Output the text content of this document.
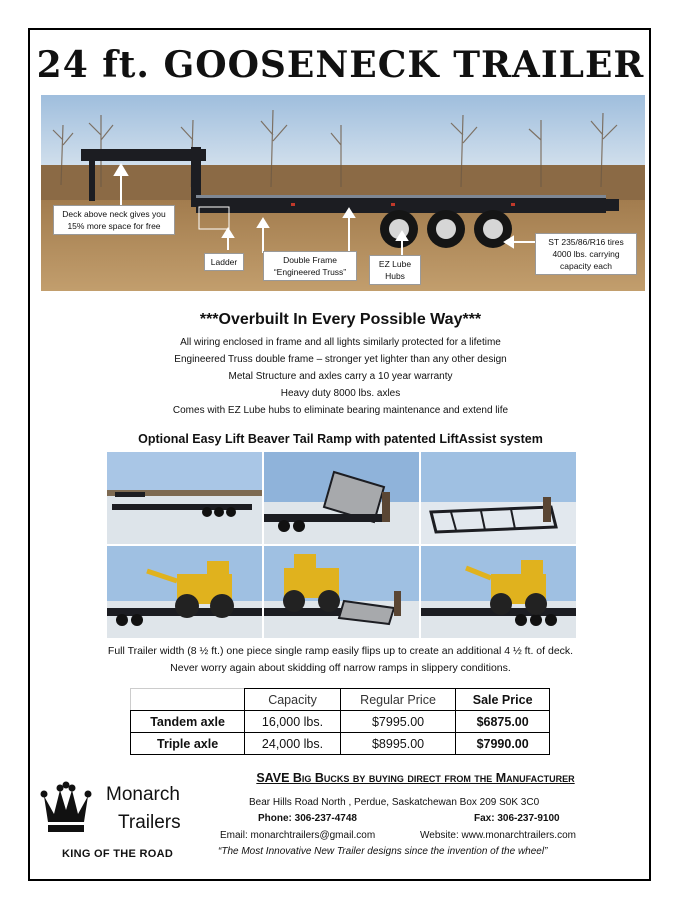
24 ft. GOOSENECK TRAILER
Deck above neck gives you 15% more space for free
Ladder	Double Frame “Engineered Truss”
EZ Lube Hubs
ST 235/86/R16 tires 4000 lbs. carrying capacity each
***Overbuilt In Every Possible Way***
All wiring enclosed in frame and all lights similarly protected for a lifetime
Engineered Truss double frame – stronger yet lighter than any other design
Metal Structure and axles carry a 10 year warranty
Heavy duty 8000 lbs. axles
Comes with EZ Lube hubs to eliminate bearing maintenance and extend life
Optional Easy Lift Beaver Tail Ramp with patented LiftAssist system
Full Trailer width (8 ½ ft.) one piece single ramp easily flips up to create an additional 4 ½ ft. of deck.
Never worry again about skidding off narrow ramps in slippery conditions.
	Capacity	Regular Price	Sale Price
Tandem axle	16,000 lbs.	$7995.00	$6875.00
Triple axle	24,000 lbs.	$8995.00	$7990.00
Monarch
Trailers
KING OF THE ROAD
SAVE Big Bucks by buying direct from the Manufacturer
Bear Hills Road North , Perdue, Saskatchewan Box 209 S0K 3C0
Phone: 306-237-4748	Fax: 306-237-9100
Email: monarchtrailers@gmail.com	Website: www.monarchtrailers.com
“The Most Innovative New Trailer designs since the invention of the wheel”
